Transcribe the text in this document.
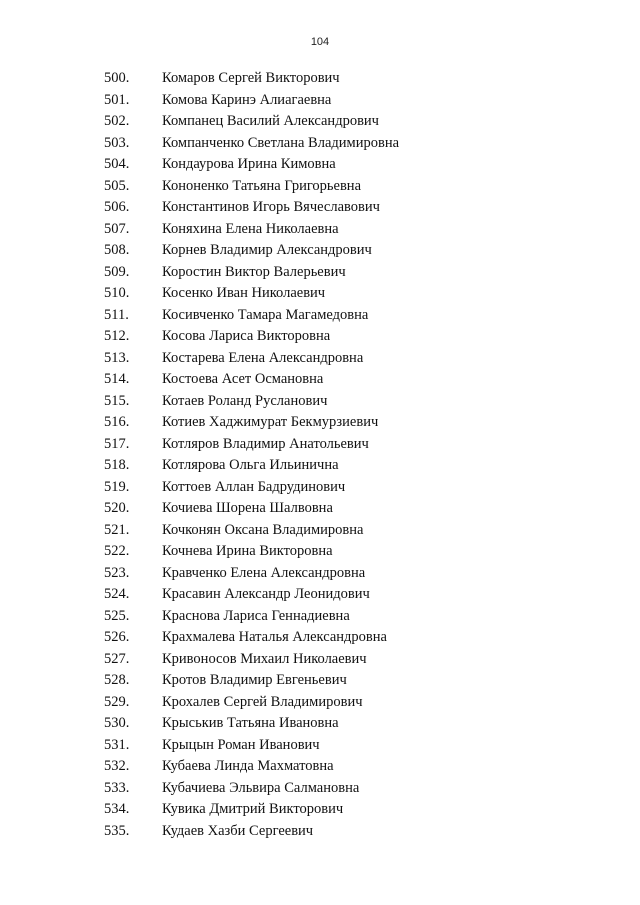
104
500.	Комаров Сергей Викторович
501.	Комова Каринэ Алиагаевна
502.	Компанец Василий Александрович
503.	Компанченко Светлана Владимировна
504.	Кондаурова Ирина Кимовна
505.	Кононенко Татьяна Григорьевна
506.	Константинов Игорь Вячеславович
507.	Коняхина Елена Николаевна
508.	Корнев Владимир Александрович
509.	Коростин Виктор Валерьевич
510.	Косенко Иван Николаевич
511.	Косивченко Тамара Магамедовна
512.	Косова Лариса Викторовна
513.	Костарева Елена Александровна
514.	Костоева Асет Османовна
515.	Котаев Роланд Русланович
516.	Котиев Хаджимурат Бекмурзиевич
517.	Котляров Владимир Анатольевич
518.	Котлярова Ольга Ильинична
519.	Коттоев Аллан Бадрудинович
520.	Кочиева Шорена Шалвовна
521.	Кочконян Оксана Владимировна
522.	Кочнева Ирина Викторовна
523.	Кравченко Елена Александровна
524.	Красавин Александр Леонидович
525.	Краснова Лариса Геннадиевна
526.	Крахмалева Наталья Александровна
527.	Кривоносов Михаил Николаевич
528.	Кротов Владимир Евгеньевич
529.	Крохалев Сергей Владимирович
530.	Крыськив Татьяна Ивановна
531.	Крыцын Роман Иванович
532.	Кубаева Линда Махматовна
533.	Кубачиева Эльвира Салмановна
534.	Кувика Дмитрий Викторович
535.	Кудаев Хазби Сергеевич
